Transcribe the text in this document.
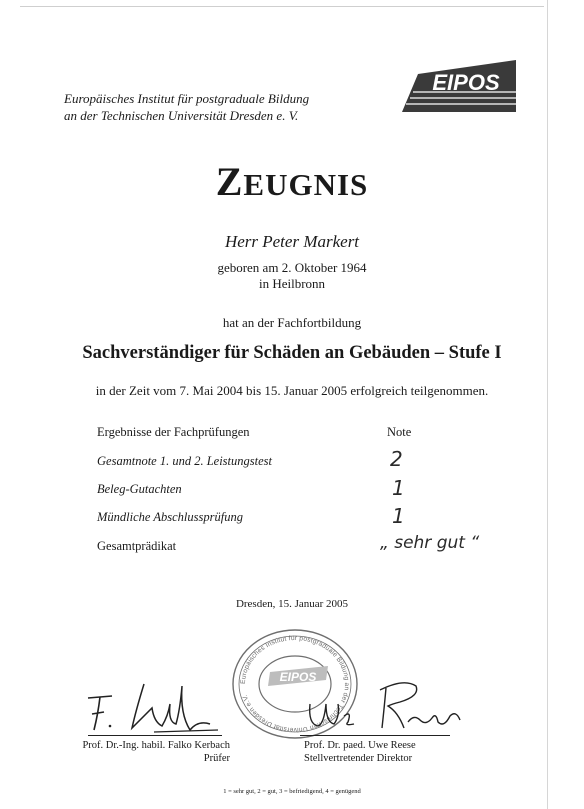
Europäisches Institut für postgraduale Bildung
an der Technischen Universität Dresden e. V.
EIPOS
ZEUGNIS
Herr Peter Markert
geboren am 2. Oktober 1964
in Heilbronn
hat an der Fachfortbildung
Sachverständiger für Schäden an Gebäuden – Stufe I
in der Zeit vom 7. Mai 2004 bis 15. Januar 2005 erfolgreich teilgenommen.
Ergebnisse der Fachprüfungen	Note
Gesamtnote 1. und 2. Leistungstest	2
Beleg-Gutachten	1
Mündliche Abschlussprüfung	1
Gesamtprädikat	„ sehr gut “
Dresden, 15. Januar 2005
Europäisches Institut für postgraduale Bildung an der Technischen Universität Dresden e.V.
EIPOS
Prof. Dr.-Ing. habil. Falko Kerbach
Prüfer
Prof. Dr. paed. Uwe Reese
Stellvertretender Direktor
1 = sehr gut, 2 = gut, 3 = befriedigend, 4 = genügend
